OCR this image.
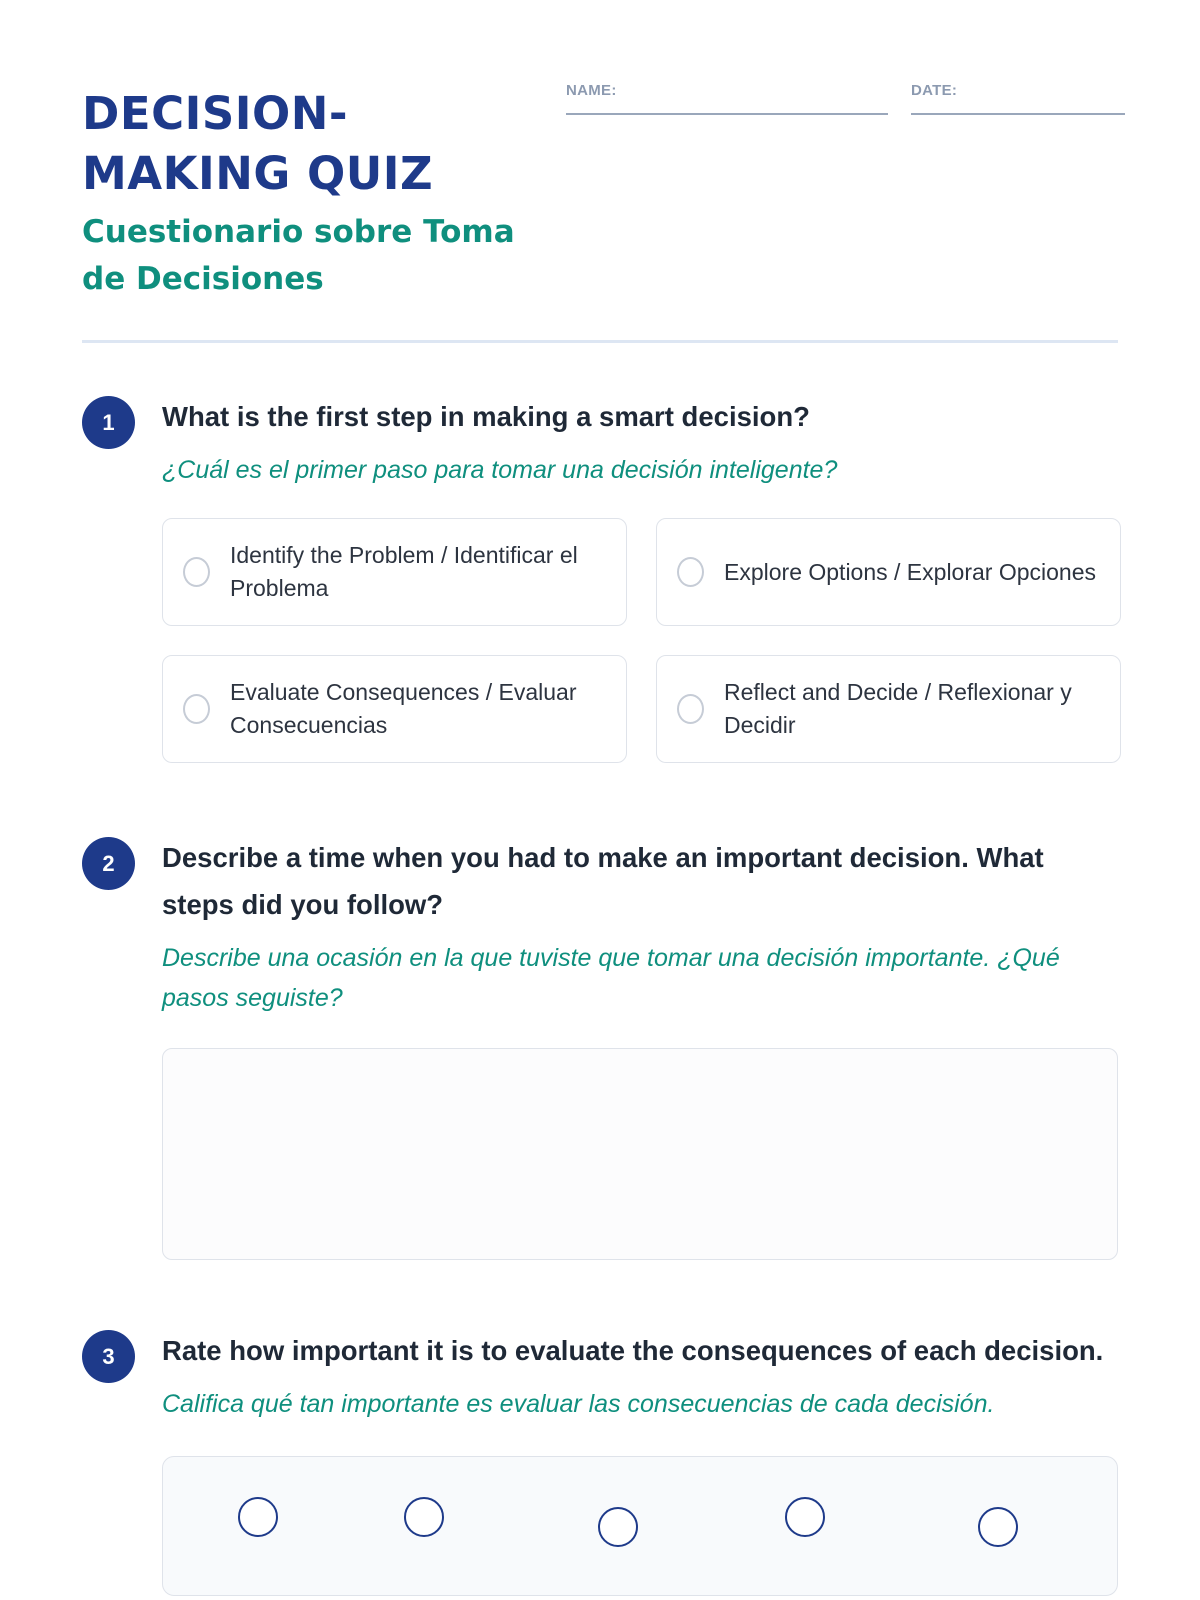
DECISION-MAKING QUIZ
Cuestionario sobre Toma de Decisiones
NAME:	DATE:
1	What is the first step in making a smart decision?
¿Cuál es el primer paso para tomar una decisión inteligente?
Identify the Problem / Identificar el Problema
Explore Options / Explorar Opciones
Evaluate Consequences / Evaluar Consecuencias
Reflect and Decide / Reflexionar y Decidir
2	Describe a time when you had to make an important decision. What steps did you follow?
Describe una ocasión en la que tuviste que tomar una decisión importante. ¿Qué pasos seguiste?
3	Rate how important it is to evaluate the consequences of each decision.
Califica qué tan importante es evaluar las consecuencias de cada decisión.
